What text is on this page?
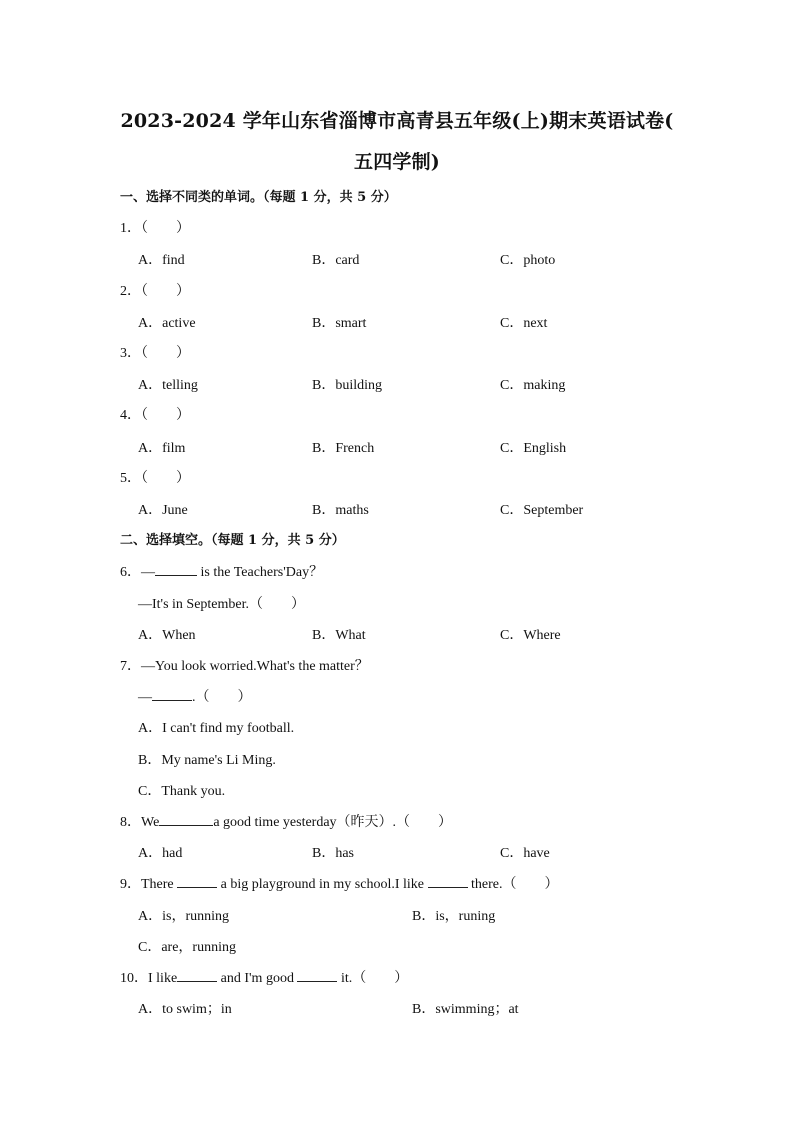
2023-2024 学年山东省淄博市高青县五年级(上)期末英语试卷(
五四学制)
一、选择不同类的单词。（每题 1 分，共 5 分）
1．（　　）
A．find	B．card	C．photo
2．（　　）
A．active	B．smart	C．next
3．（　　）
A．telling	B．building	C．making
4．（　　）
A．film	B．French	C．English
5．（　　）
A．June	B．maths	C．September
二、选择填空。（每题 1 分，共 5 分）
6．—	is the Teachers'Day？
—It's in September.（　　）
A．When	B．What	C．Where
7．—You look worried.What's the matter？
—	.（　　）
A．I can't find my football.
B．My name's Li Ming.
C．Thank you.
8．We	a good time yesterday（昨天）.（　　）
A．had	B．has	C．have
9．There	a big playground in my school.I like	there.（　　）
A．is，running	B．is，runing
C．are，running
10．I like	and I'm good	it.（　　）
A．to swim；in	B．swimming；at
